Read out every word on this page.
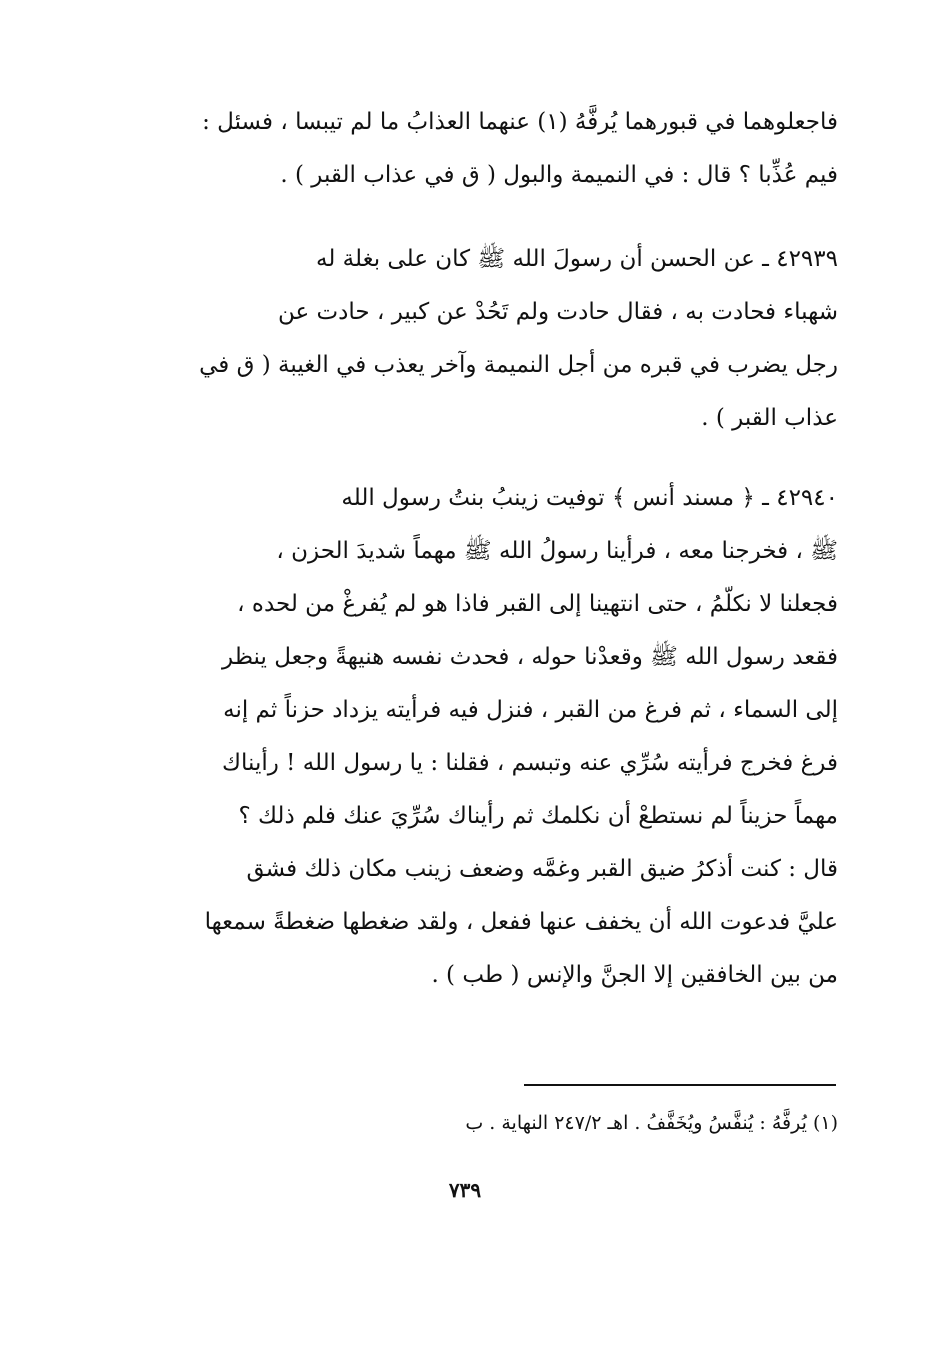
فاجعلوهما في قبورهما يُرفَّهُ (١) عنهما العذابُ ما لم تيبسا ، فسئل :
فيم عُذِّبا ؟ قال : في النميمة والبول ( ق في عذاب القبر ) .
٤٢٩٣٩ ـ عن الحسن أن رسولَ الله ﷺ كان على بغلة له
شهباء فحادت به ، فقال حادت ولم تَحُدْ عن كبير ، حادت عن
رجل يضرب في قبره من أجل النميمة وآخر يعذب في الغيبة ( ق في
عذاب القبر ) .
٤٢٩٤٠ ـ ﴿ مسند أنس ﴾ توفيت زينبُ بنتُ رسول الله
ﷺ ، فخرجنا معه ، فرأينا رسولُ الله ﷺ مهماً شديدَ الحزن ،
فجعلنا لا نكلّمُ ، حتى انتهينا إلى القبر فاذا هو لم يُفرغْ من لحده ،
فقعد رسول الله ﷺ وقعدْنا حوله ، فحدث نفسه هنيهةً وجعل ينظر
إلى السماء ، ثم فرغ من القبر ، فنزل فيه فرأيته يزداد حزناً ثم إنه
فرغ فخرج فرأيته سُرِّي عنه وتبسم ، فقلنا : يا رسول الله ! رأيناك
مهماً حزيناً لم نستطعْ أن نكلمك ثم رأيناك سُرِّيَ عنك فلم ذلك ؟
قال : كنت أذكرُ ضيق القبر وغمَّه وضعف زينب مكان ذلك فشق
عليَّ فدعوت الله أن يخفف عنها ففعل ، ولقد ضغطها ضغطةً سمعها
من بين الخافقين إلا الجنَّ والإنس ( طب ) .
(١) يُرفَّهُ : يُنفَّسُ ويُخَفَّفُ . اهـ ٢٤٧/٢ النهاية . ب
٧٣٩
